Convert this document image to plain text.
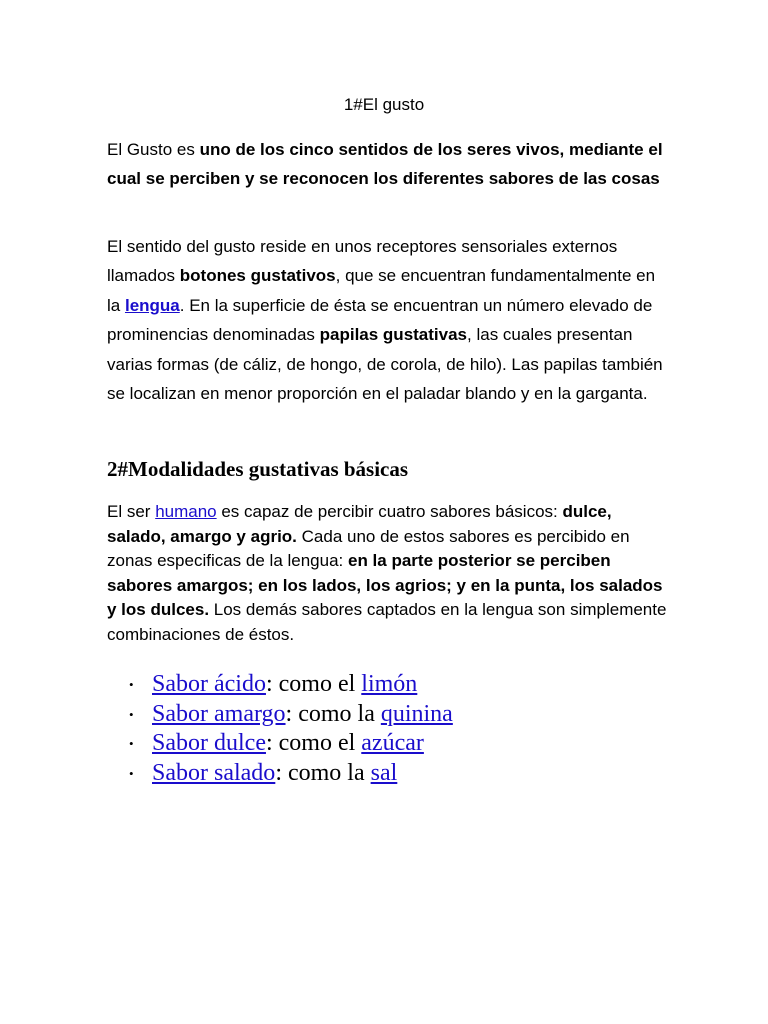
1#El gusto
El Gusto es uno de los cinco sentidos de los seres vivos, mediante el cual se perciben y se reconocen los diferentes sabores de las cosas
El sentido del gusto reside en unos receptores sensoriales externos llamados botones gustativos, que se encuentran fundamentalmente en la lengua. En la superficie de ésta se encuentran un número elevado de prominencias denominadas papilas gustativas, las cuales presentan varias formas (de cáliz, de hongo, de corola, de hilo). Las papilas también se localizan en menor proporción en el paladar blando y en la garganta.
2#Modalidades gustativas básicas
El ser humano es capaz de percibir cuatro sabores básicos: dulce, salado, amargo y agrio. Cada uno de estos sabores es percibido en zonas especificas de la lengua: en la parte posterior se perciben sabores amargos; en los lados, los agrios; y en la punta, los salados y los dulces. Los demás sabores captados en la lengua son simplemente combinaciones de éstos.
• Sabor ácido: como el limón
• Sabor amargo: como la quinina
• Sabor dulce: como el azúcar
• Sabor salado: como la sal
